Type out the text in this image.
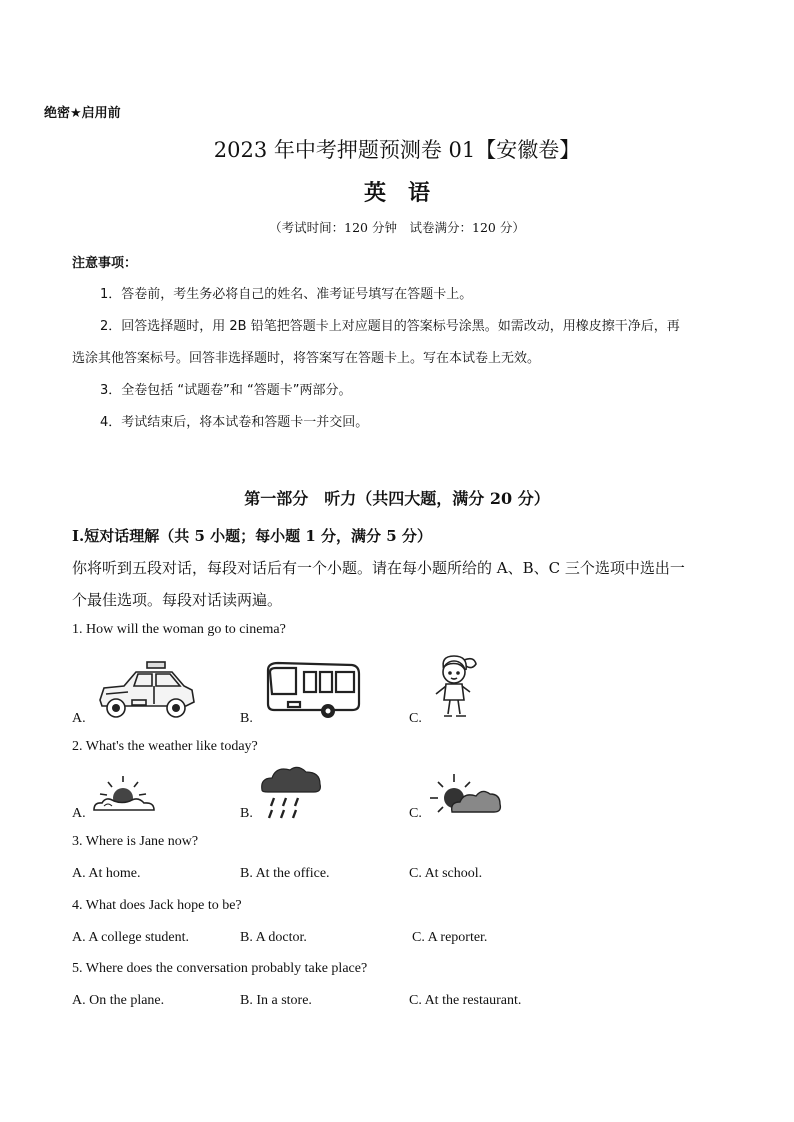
绝密★启用前
2023 年中考押题预测卷 01【安徽卷】
英语
（考试时间：120 分钟　试卷满分：120 分）
注意事项：
1．答卷前，考生务必将自己的姓名、准考证号填写在答题卡上。
2．回答选择题时，用 2B 铅笔把答题卡上对应题目的答案标号涂黑。如需改动，用橡皮擦干净后，再
选涂其他答案标号。回答非选择题时，将答案写在答题卡上。写在本试卷上无效。
3．全卷包括 “试题卷”和 “答题卡”两部分。
4．考试结束后，将本试卷和答题卡一并交回。
第一部分　听力（共四大题，满分 20 分）
Ⅰ.短对话理解（共 5 小题；每小题 1 分，满分 5 分）
你将听到五段对话，每段对话后有一个小题。请在每小题所给的 A、B、C 三个选项中选出一
个最佳选项。每段对话读两遍。
1. How will the woman go to cinema?
A.	B.	C.
2. What's the weather like today?
A.	B.	C.
3. Where is Jane now?
A. At home.	B. At the office.	C. At school.
4. What does Jack hope to be?
A. A college student.	B. A doctor.	C. A reporter.
5. Where does the conversation probably take place?
A. On the plane.	B. In a store.	C. At the restaurant.
